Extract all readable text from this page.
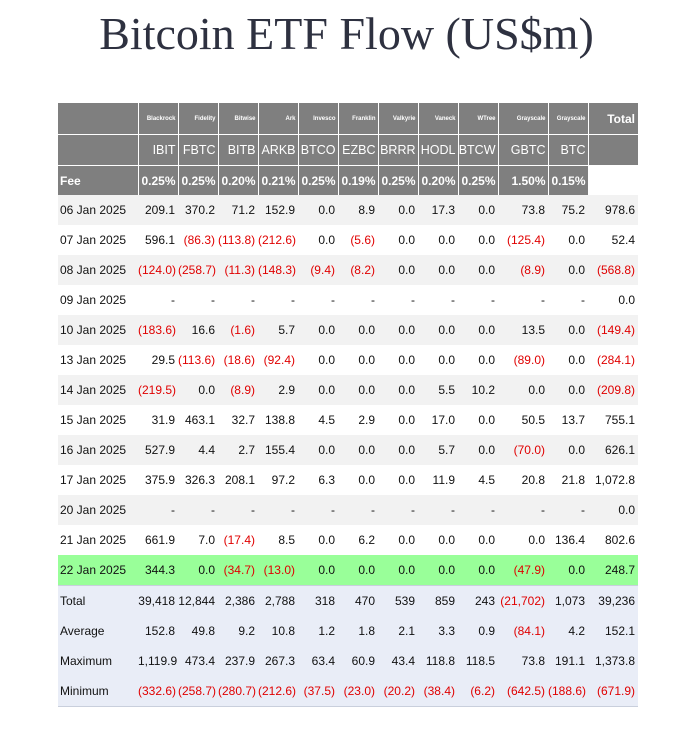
Bitcoin ETF Flow (US$m)
	Blackrock	Fidelity	Bitwise	Ark	Invesco	Franklin	Valkyrie	Vaneck	WTree	Grayscale	Grayscale	Total
	IBIT	FBTC	BITB	ARKB	BTCO	EZBC	BRRR	HODL	BTCW	GBTC	BTC	
Fee	0.25%	0.25%	0.20%	0.21%	0.25%	0.19%	0.25%	0.20%	0.25%	1.50%	0.15%	
06 Jan 2025	209.1	370.2	71.2	152.9	0.0	8.9	0.0	17.3	0.0	73.8	75.2	978.6
07 Jan 2025	596.1	(86.3)	(113.8)	(212.6)	0.0	(5.6)	0.0	0.0	0.0	(125.4)	0.0	52.4
08 Jan 2025	(124.0)	(258.7)	(11.3)	(148.3)	(9.4)	(8.2)	0.0	0.0	0.0	(8.9)	0.0	(568.8)
09 Jan 2025	-	-	-	-	-	-	-	-	-	-	-	0.0
10 Jan 2025	(183.6)	16.6	(1.6)	5.7	0.0	0.0	0.0	0.0	0.0	13.5	0.0	(149.4)
13 Jan 2025	29.5	(113.6)	(18.6)	(92.4)	0.0	0.0	0.0	0.0	0.0	(89.0)	0.0	(284.1)
14 Jan 2025	(219.5)	0.0	(8.9)	2.9	0.0	0.0	0.0	5.5	10.2	0.0	0.0	(209.8)
15 Jan 2025	31.9	463.1	32.7	138.8	4.5	2.9	0.0	17.0	0.0	50.5	13.7	755.1
16 Jan 2025	527.9	4.4	2.7	155.4	0.0	0.0	0.0	5.7	0.0	(70.0)	0.0	626.1
17 Jan 2025	375.9	326.3	208.1	97.2	6.3	0.0	0.0	11.9	4.5	20.8	21.8	1,072.8
20 Jan 2025	-	-	-	-	-	-	-	-	-	-	-	0.0
21 Jan 2025	661.9	7.0	(17.4)	8.5	0.0	6.2	0.0	0.0	0.0	0.0	136.4	802.6
22 Jan 2025	344.3	0.0	(34.7)	(13.0)	0.0	0.0	0.0	0.0	0.0	(47.9)	0.0	248.7
Total	39,418	12,844	2,386	2,788	318	470	539	859	243	(21,702)	1,073	39,236
Average	152.8	49.8	9.2	10.8	1.2	1.8	2.1	3.3	0.9	(84.1)	4.2	152.1
Maximum	1,119.9	473.4	237.9	267.3	63.4	60.9	43.4	118.8	118.5	73.8	191.1	1,373.8
Minimum	(332.6)	(258.7)	(280.7)	(212.6)	(37.5)	(23.0)	(20.2)	(38.4)	(6.2)	(642.5)	(188.6)	(671.9)
